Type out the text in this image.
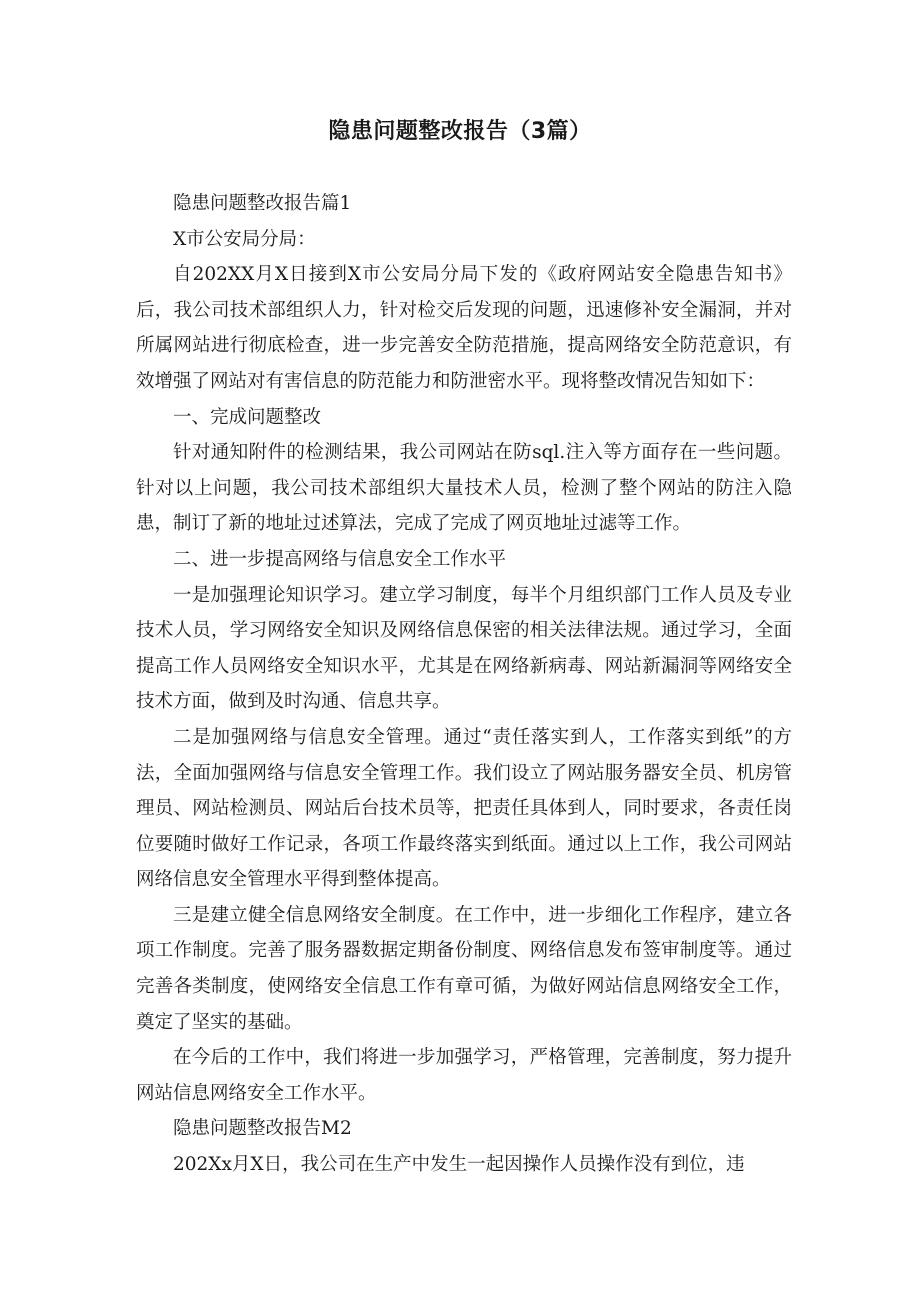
隐患问题整改报告（3篇）

隐患问题整改报告篇1

X市公安局分局：

自202XX月X日接到X市公安局分局下发的《政府网站安全隐患告知书》后，我公司技术部组织人力，针对检交后发现的问题，迅速修补安全漏洞，并对所属网站进行彻底检查，进一步完善安全防范措施，提高网络安全防范意识，有效增强了网站对有害信息的防范能力和防泄密水平。现将整改情况告知如下：

一、完成问题整改

针对通知附件的检测结果，我公司网站在防sql.注入等方面存在一些问题。针对以上问题，我公司技术部组织大量技术人员，检测了整个网站的防注入隐患，制订了新的地址过述算法，完成了完成了网页地址过滤等工作。

二、进一步提高网络与信息安全工作水平

一是加强理论知识学习。建立学习制度，每半个月组织部门工作人员及专业技术人员，学习网络安全知识及网络信息保密的相关法律法规。通过学习，全面提高工作人员网络安全知识水平，尤其是在网络新病毒、网站新漏洞等网络安全技术方面，做到及时沟通、信息共享。

二是加强网络与信息安全管理。通过“责任落实到人，工作落实到纸”的方法，全面加强网络与信息安全管理工作。我们设立了网站服务器安全员、机房管理员、网站检测员、网站后台技术员等，把责任具体到人，同时要求，各责任岗位要随时做好工作记录，各项工作最终落实到纸面。通过以上工作，我公司网站网络信息安全管理水平得到整体提高。

三是建立健全信息网络安全制度。在工作中，进一步细化工作程序，建立各项工作制度。完善了服务器数据定期备份制度、网络信息发布签审制度等。通过完善各类制度，使网络安全信息工作有章可循，为做好网站信息网络安全工作，奠定了坚实的基础。

在今后的工作中，我们将进一步加强学习，严格管理，完善制度，努力提升网站信息网络安全工作水平。

隐患问题整改报告M2

202Xx月X日，我公司在生产中发生一起因操作人员操作没有到位，违
